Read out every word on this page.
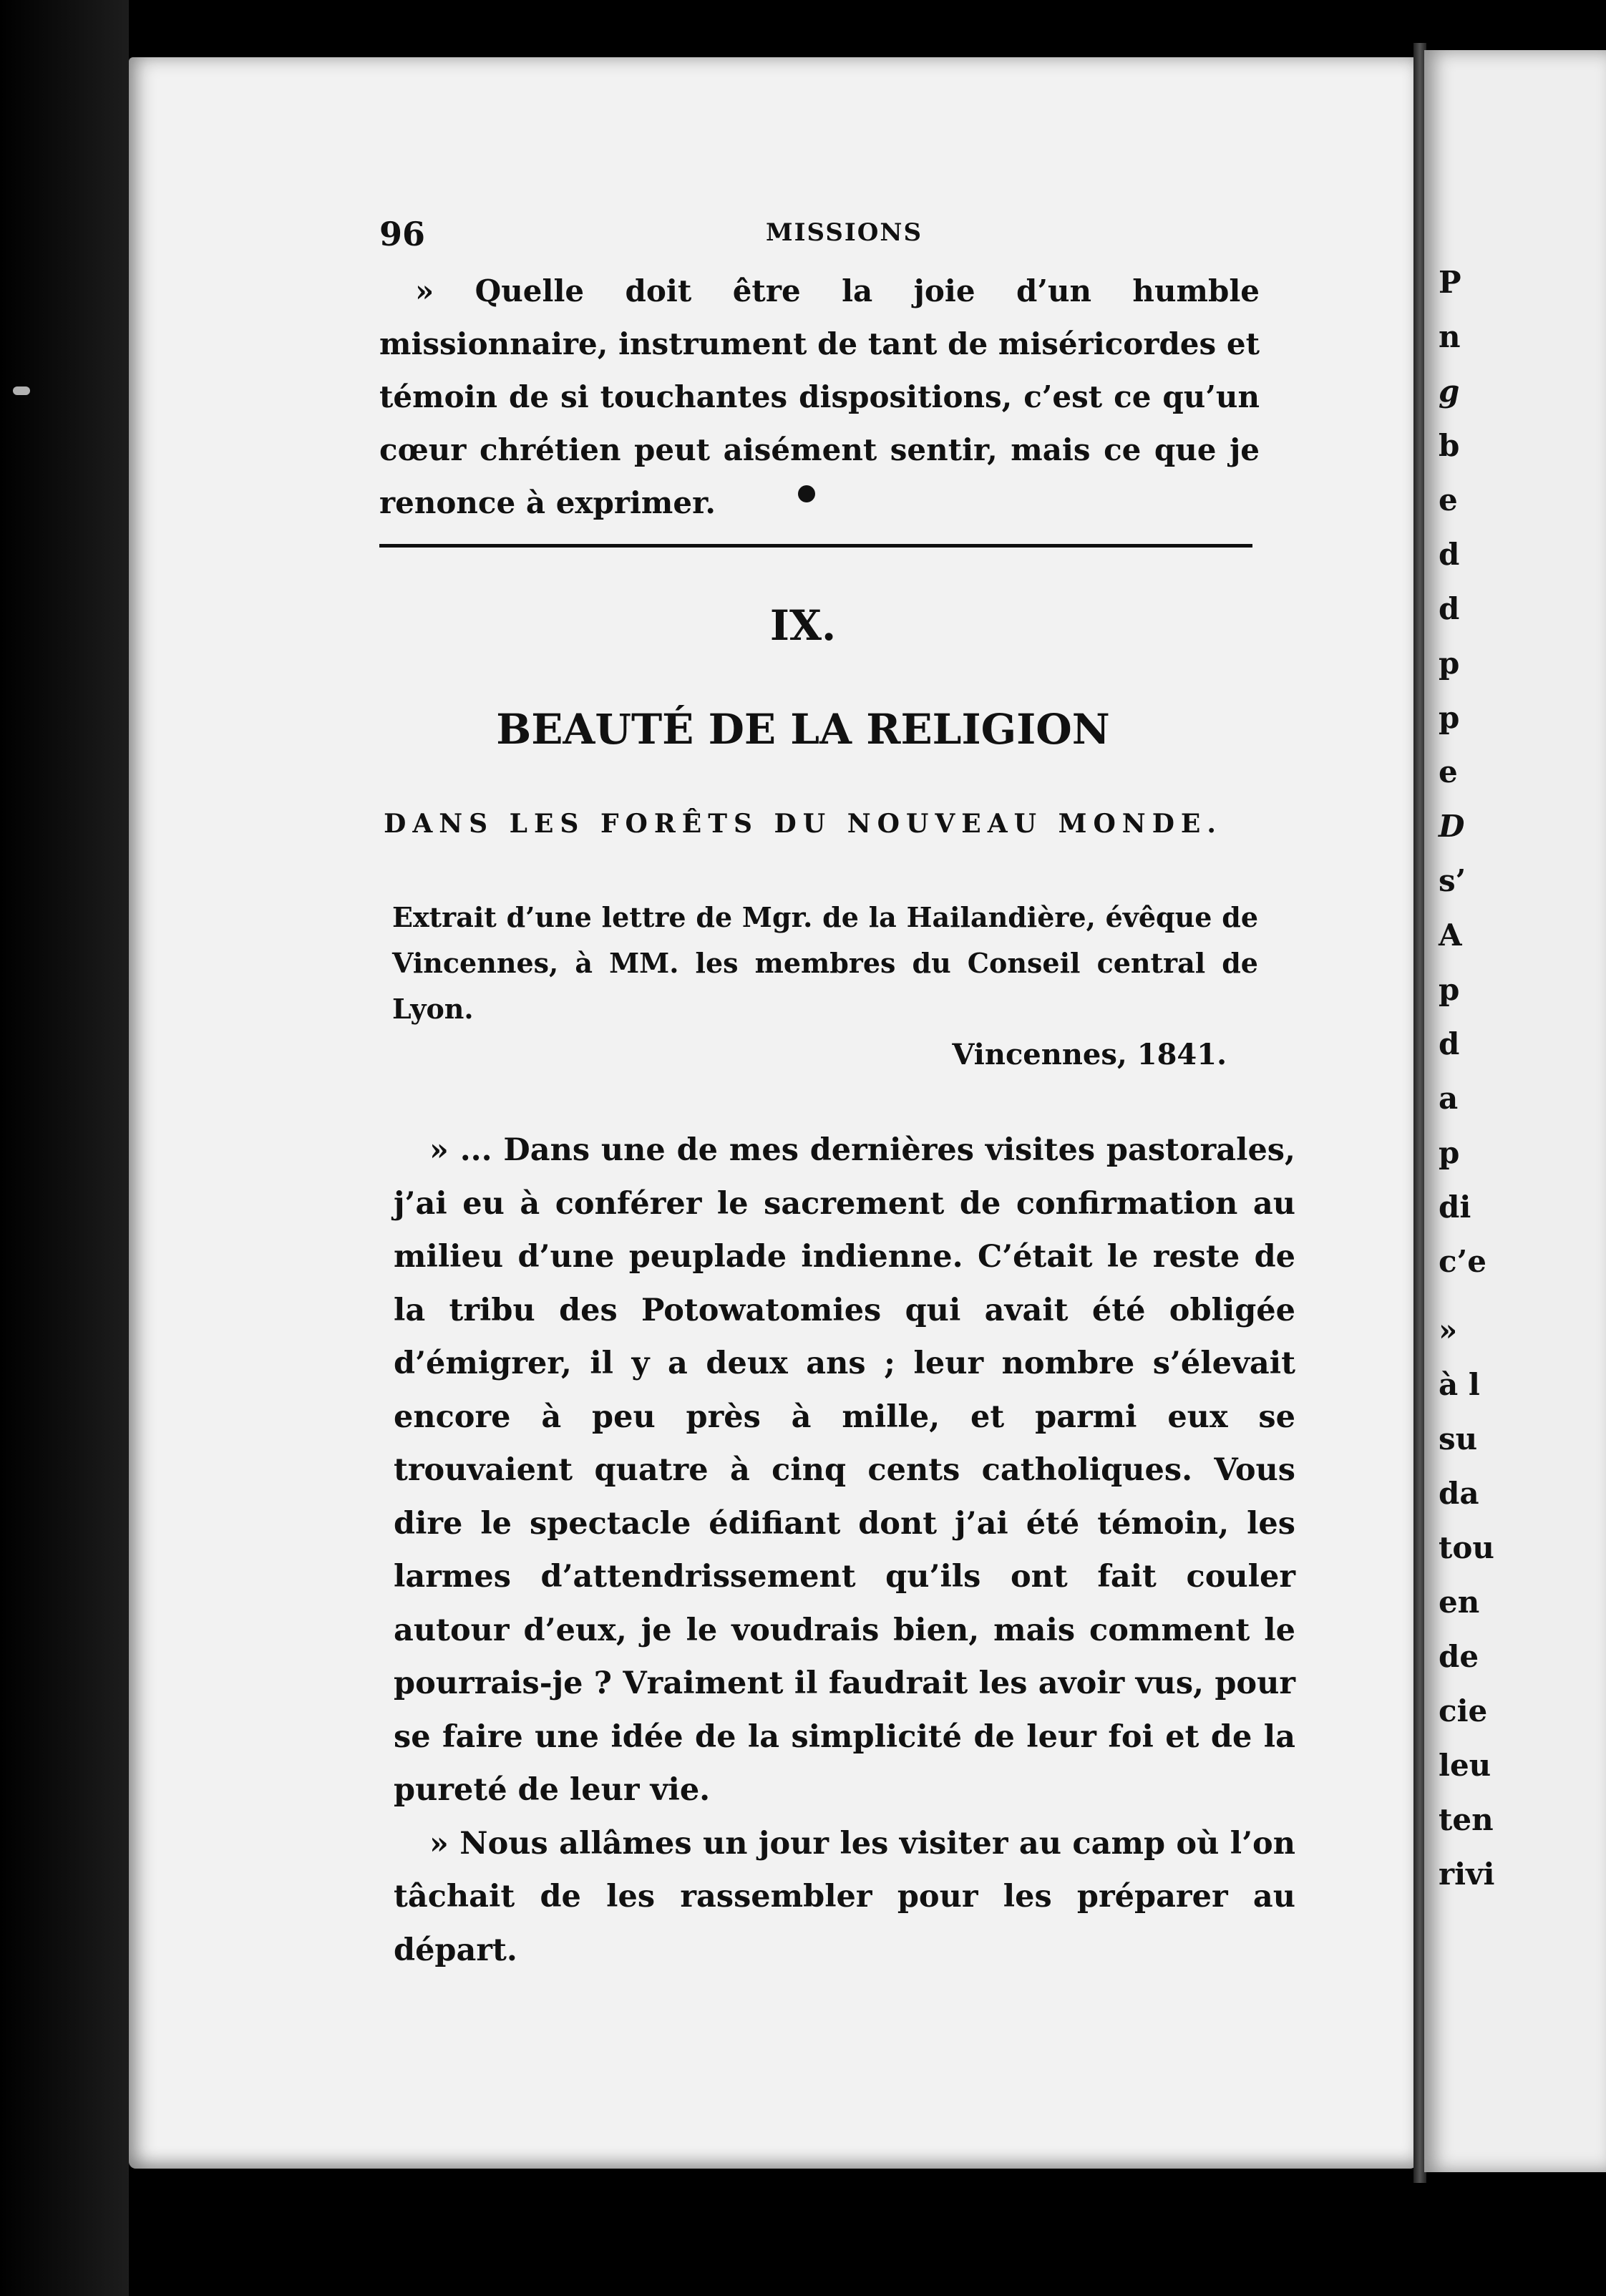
P
n
g
b
e
d
d
p
p
e
D
s’
A
p
d
a
p
di
c’e
»
à l
su
da
tou
en
de
cie
leu
ten
rivi
96	MISSIONS

» Quelle doit être la joie d’un humble missionnaire, instrument de tant de miséricordes et témoin de si touchantes dispositions, c’est ce qu’un cœur chrétien peut aisément sentir, mais ce que je renonce à exprimer.

IX.
BEAUTÉ DE LA RELIGION
DANS LES FORÊTS DU NOUVEAU MONDE.

Extrait d’une lettre de Mgr. de la Hailandière, évêque de Vincennes, à MM. les membres du Conseil central de Lyon.

Vincennes, 1841.

» ... Dans une de mes dernières visites pastorales, j’ai eu à conférer le sacrement de confirmation au milieu d’une peuplade indienne. C’était le reste de la tribu des Potowatomies qui avait été obligée d’émigrer, il y a deux ans ; leur nombre s’élevait encore à peu près à mille, et parmi eux se trouvaient quatre à cinq cents catholiques. Vous dire le spectacle édifiant dont j’ai été témoin, les larmes d’attendrissement qu’ils ont fait couler autour d’eux, je le voudrais bien, mais comment le pourrais-je ? Vraiment il faudrait les avoir vus, pour se faire une idée de la simplicité de leur foi et de la pureté de leur vie.

» Nous allâmes un jour les visiter au camp où l’on tâchait de les rassembler pour les préparer au départ.
